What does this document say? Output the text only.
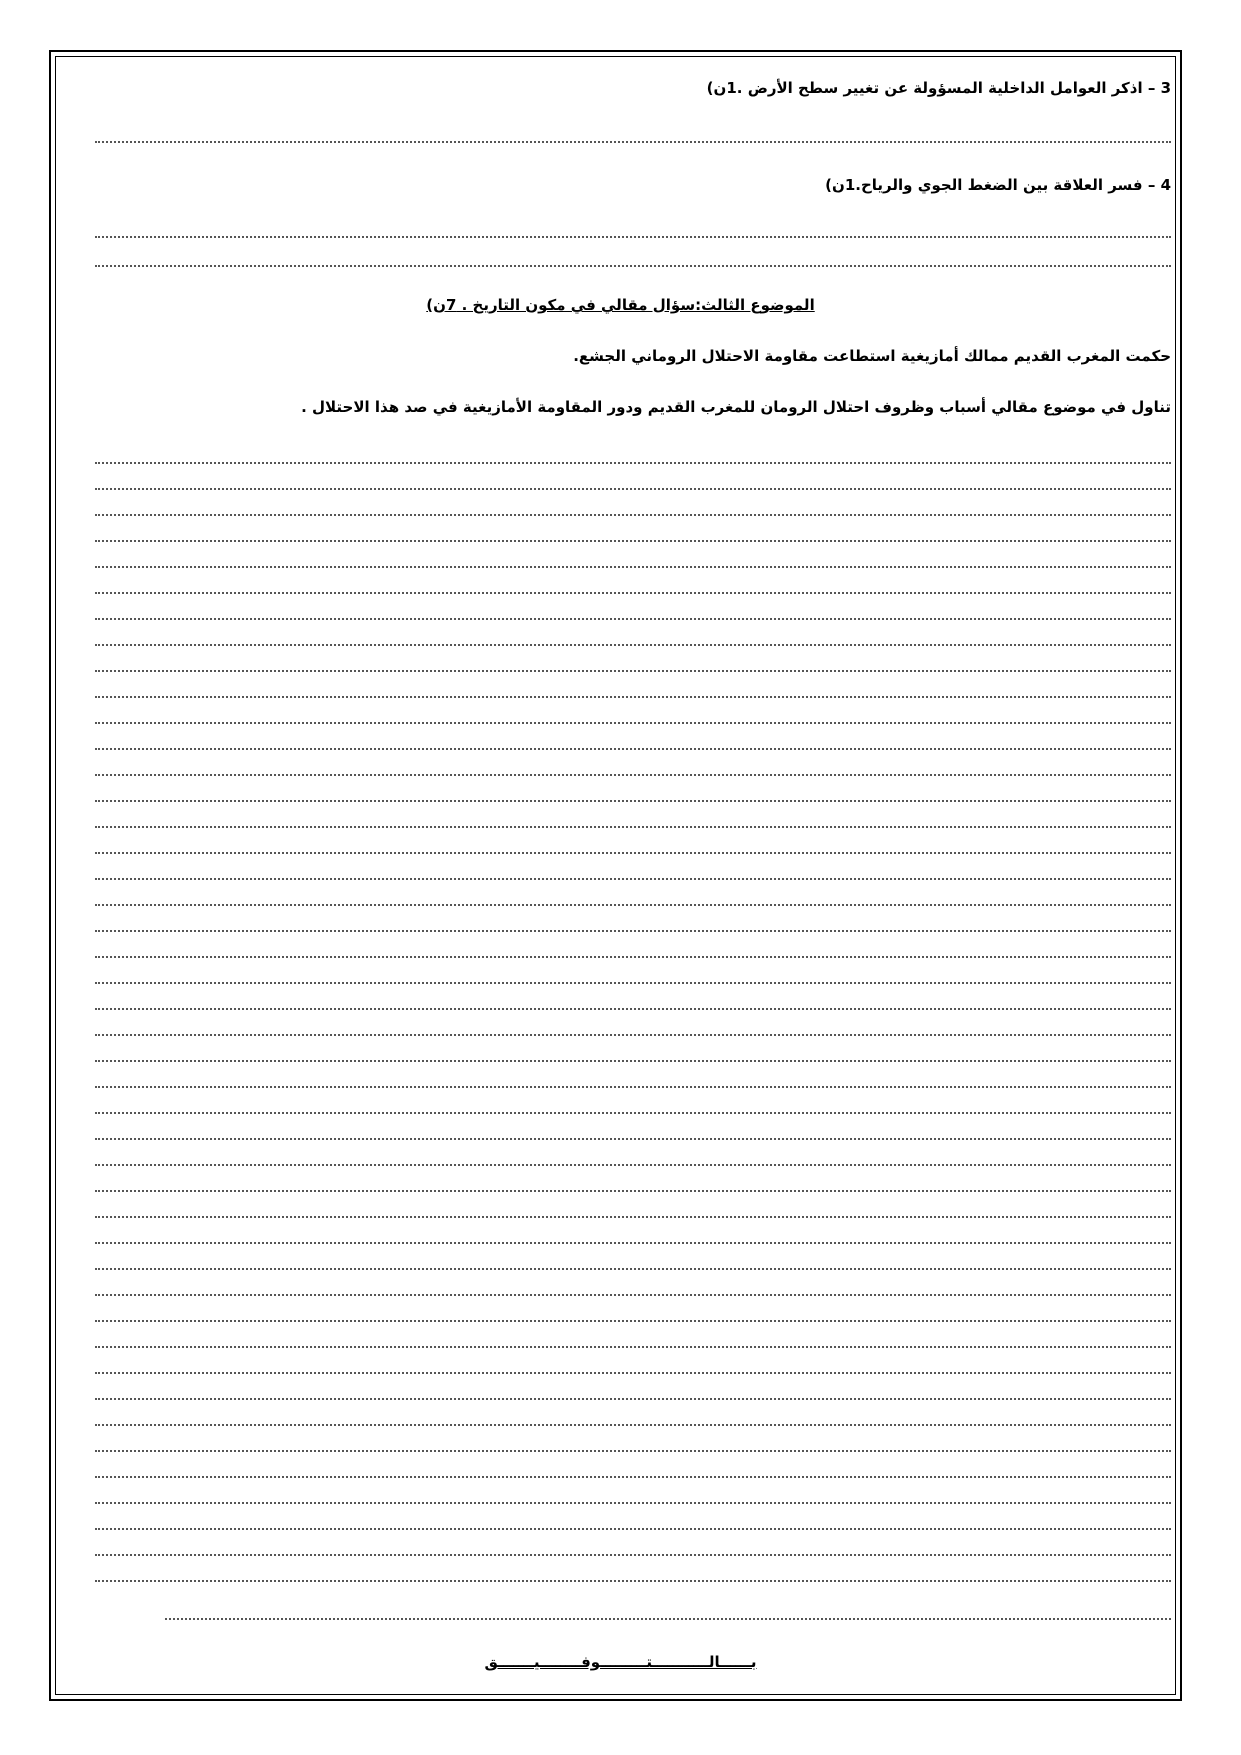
3 – اذكر العوامل الداخلية المسؤولة عن تغيير سطح الأرض .1ن)
4 – فسر العلاقة بين الضغط الجوي والرياح.1ن)
الموضوع الثالث:سؤال مقالي في مكون التاريخ . 7ن)
حكمت المغرب القديم ممالك أمازيغية استطاعت مقاومة الاحتلال الروماني الجشع.
تناول في موضوع مقالي أسباب وظروف احتلال الرومان للمغرب القديم ودور المقاومة الأمازيغية في صد هذا الاحتلال .
بــــــالـــــــــــتـــــــــوفــــــــيـــــــق
